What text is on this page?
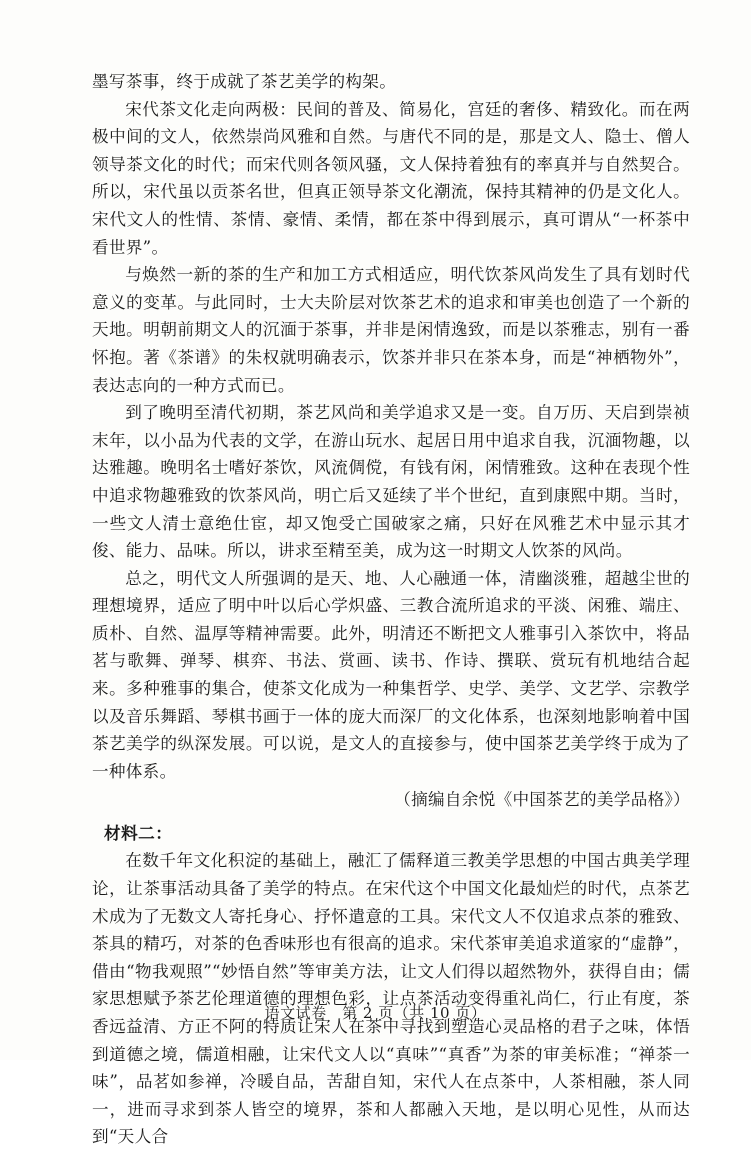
墨写茶事，终于成就了茶艺美学的构架。

宋代茶文化走向两极：民间的普及、简易化，宫廷的奢侈、精致化。而在两极中间的文人，依然崇尚风雅和自然。与唐代不同的是，那是文人、隐士、僧人领导茶文化的时代；而宋代则各领风骚，文人保持着独有的率真并与自然契合。所以，宋代虽以贡茶名世，但真正领导茶文化潮流，保持其精神的仍是文化人。宋代文人的性情、茶情、豪情、柔情，都在茶中得到展示，真可谓从“一杯茶中看世界”。

与焕然一新的茶的生产和加工方式相适应，明代饮茶风尚发生了具有划时代意义的变革。与此同时，士大夫阶层对饮茶艺术的追求和审美也创造了一个新的天地。明朝前期文人的沉湎于茶事，并非是闲情逸致，而是以茶雅志，别有一番怀抱。著《茶谱》的朱权就明确表示，饮茶并非只在茶本身，而是“神栖物外”，表达志向的一种方式而已。

到了晚明至清代初期，茶艺风尚和美学追求又是一变。自万历、天启到崇祯末年，以小品为代表的文学，在游山玩水、起居日用中追求自我，沉湎物趣，以达雅趣。晚明名士嗜好茶饮，风流倜傥，有钱有闲，闲情雅致。这种在表现个性中追求物趣雅致的饮茶风尚，明亡后又延续了半个世纪，直到康熙中期。当时，一些文人清士意绝仕宦，却又饱受亡国破家之痛，只好在风雅艺术中显示其才俊、能力、品味。所以，讲求至精至美，成为这一时期文人饮茶的风尚。

总之，明代文人所强调的是天、地、人心融通一体，清幽淡雅，超越尘世的理想境界，适应了明中叶以后心学炽盛、三教合流所追求的平淡、闲雅、端庄、质朴、自然、温厚等精神需要。此外，明清还不断把文人雅事引入茶饮中，将品茗与歌舞、弹琴、棋弈、书法、赏画、读书、作诗、撰联、赏玩有机地结合起来。多种雅事的集合，使茶文化成为一种集哲学、史学、美学、文艺学、宗教学以及音乐舞蹈、琴棋书画于一体的庞大而深厂的文化体系，也深刻地影响着中国茶艺美学的纵深发展。可以说，是文人的直接参与，使中国茶艺美学终于成为了一种体系。

（摘编自余悦《中国茶艺的美学品格》）

材料二：

在数千年文化积淀的基础上，融汇了儒释道三教美学思想的中国古典美学理论，让茶事活动具备了美学的特点。在宋代这个中国文化最灿烂的时代，点茶艺术成为了无数文人寄托身心、抒怀遣意的工具。宋代文人不仅追求点茶的雅致、茶具的精巧，对茶的色香味形也有很高的追求。宋代茶审美追求道家的“虚静”，借由“物我观照”“妙悟自然”等审美方法，让文人们得以超然物外，获得自由；儒家思想赋予茶艺伦理道德的理想色彩，让点茶活动变得重礼尚仁，行止有度，茶香远益清、方正不阿的特质让宋人在茶中寻找到塑造心灵品格的君子之味，体悟到道德之境，儒道相融，让宋代文人以“真味”“真香”为茶的审美标准；“禅茶一味”，品茗如参禅，冷暖自品，苦甜自知，宋代人在点茶中，人茶相融，茶人同一，进而寻求到茶人皆空的境界，茶和人都融入天地，是以明心见性，从而达到“天人合

语文试卷　第 2 页（共 10 页）
